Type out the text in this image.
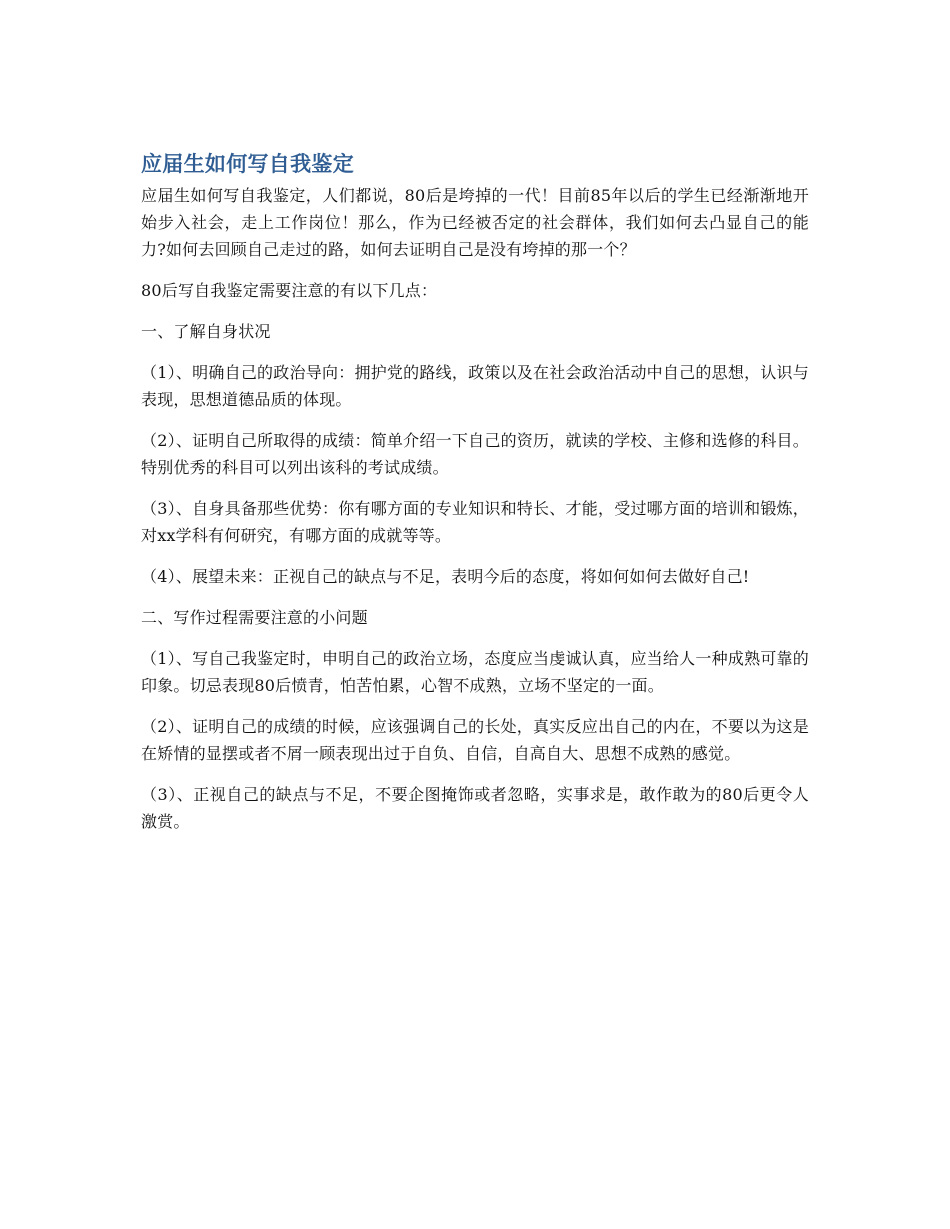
应届生如何写自我鉴定

应届生如何写自我鉴定，人们都说，80后是垮掉的一代！目前85年以后的学生已经渐渐地开始步入社会，走上工作岗位！那么，作为已经被否定的社会群体，我们如何去凸显自己的能力?如何去回顾自己走过的路，如何去证明自己是没有垮掉的那一个？

80后写自我鉴定需要注意的有以下几点：

一、了解自身状况

（1）、明确自己的政治导向：拥护党的路线，政策以及在社会政治活动中自己的思想，认识与表现，思想道德品质的体现。

（2）、证明自己所取得的成绩：简单介绍一下自己的资历，就读的学校、主修和选修的科目。特别优秀的科目可以列出该科的考试成绩。

（3）、自身具备那些优势：你有哪方面的专业知识和特长、才能，受过哪方面的培训和锻炼，对xx学科有何研究，有哪方面的成就等等。

（4）、展望未来：正视自己的缺点与不足，表明今后的态度，将如何如何去做好自己!

二、写作过程需要注意的小问题

（1）、写自己我鉴定时，申明自己的政治立场，态度应当虔诚认真，应当给人一种成熟可靠的印象。切忌表现80后愤青，怕苦怕累，心智不成熟，立场不坚定的一面。

（2）、证明自己的成绩的时候，应该强调自己的长处，真实反应出自己的内在，不要以为这是在矫情的显摆或者不屑一顾表现出过于自负、自信，自高自大、思想不成熟的感觉。

（3）、正视自己的缺点与不足，不要企图掩饰或者忽略，实事求是，敢作敢为的80后更令人激赏。
